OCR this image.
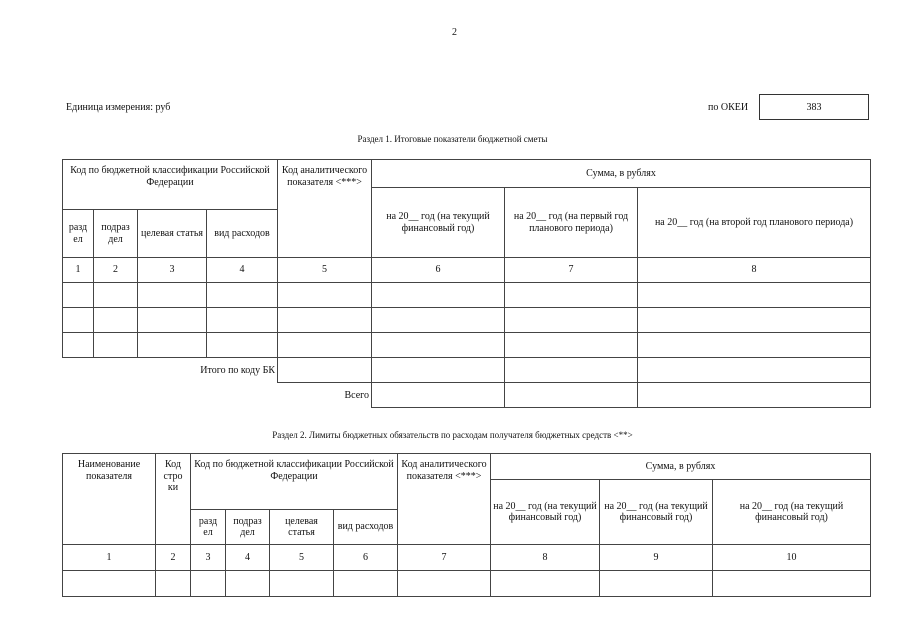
2
Единица измерения: руб	по ОКЕИ	383
Раздел 1. Итоговые показатели бюджетной сметы
Код по бюджетной классификации Российской Федерации				Код аналитического показателя <***>	Сумма, в рублях		
					на 20__ год (на текущий финансовый год)	на 20__ год (на первый год планового периода)	на 20__ год (на второй год планового периода)
разд ел	подраз дел	целевая статья	вид расходов				
1	2	3	4	5	6	7	8

Итого по коду БК							
Всего							
Раздел 2. Лимиты бюджетных обязательств по расходам получателя бюджетных средств <**>
Наименование показателя	Код стро ки	Код по бюджетной классификации Российской Федерации				Код аналитического показателя <***>	Сумма, в рублях		
							на 20__ год (на текущий финансовый год)	на 20__ год (на текущий финансовый год)	на 20__ год (на текущий финансовый год)
		разд ел	подраз дел	целевая статья	вид расходов				
1	2	3	4	5	6	7	8	9	10
